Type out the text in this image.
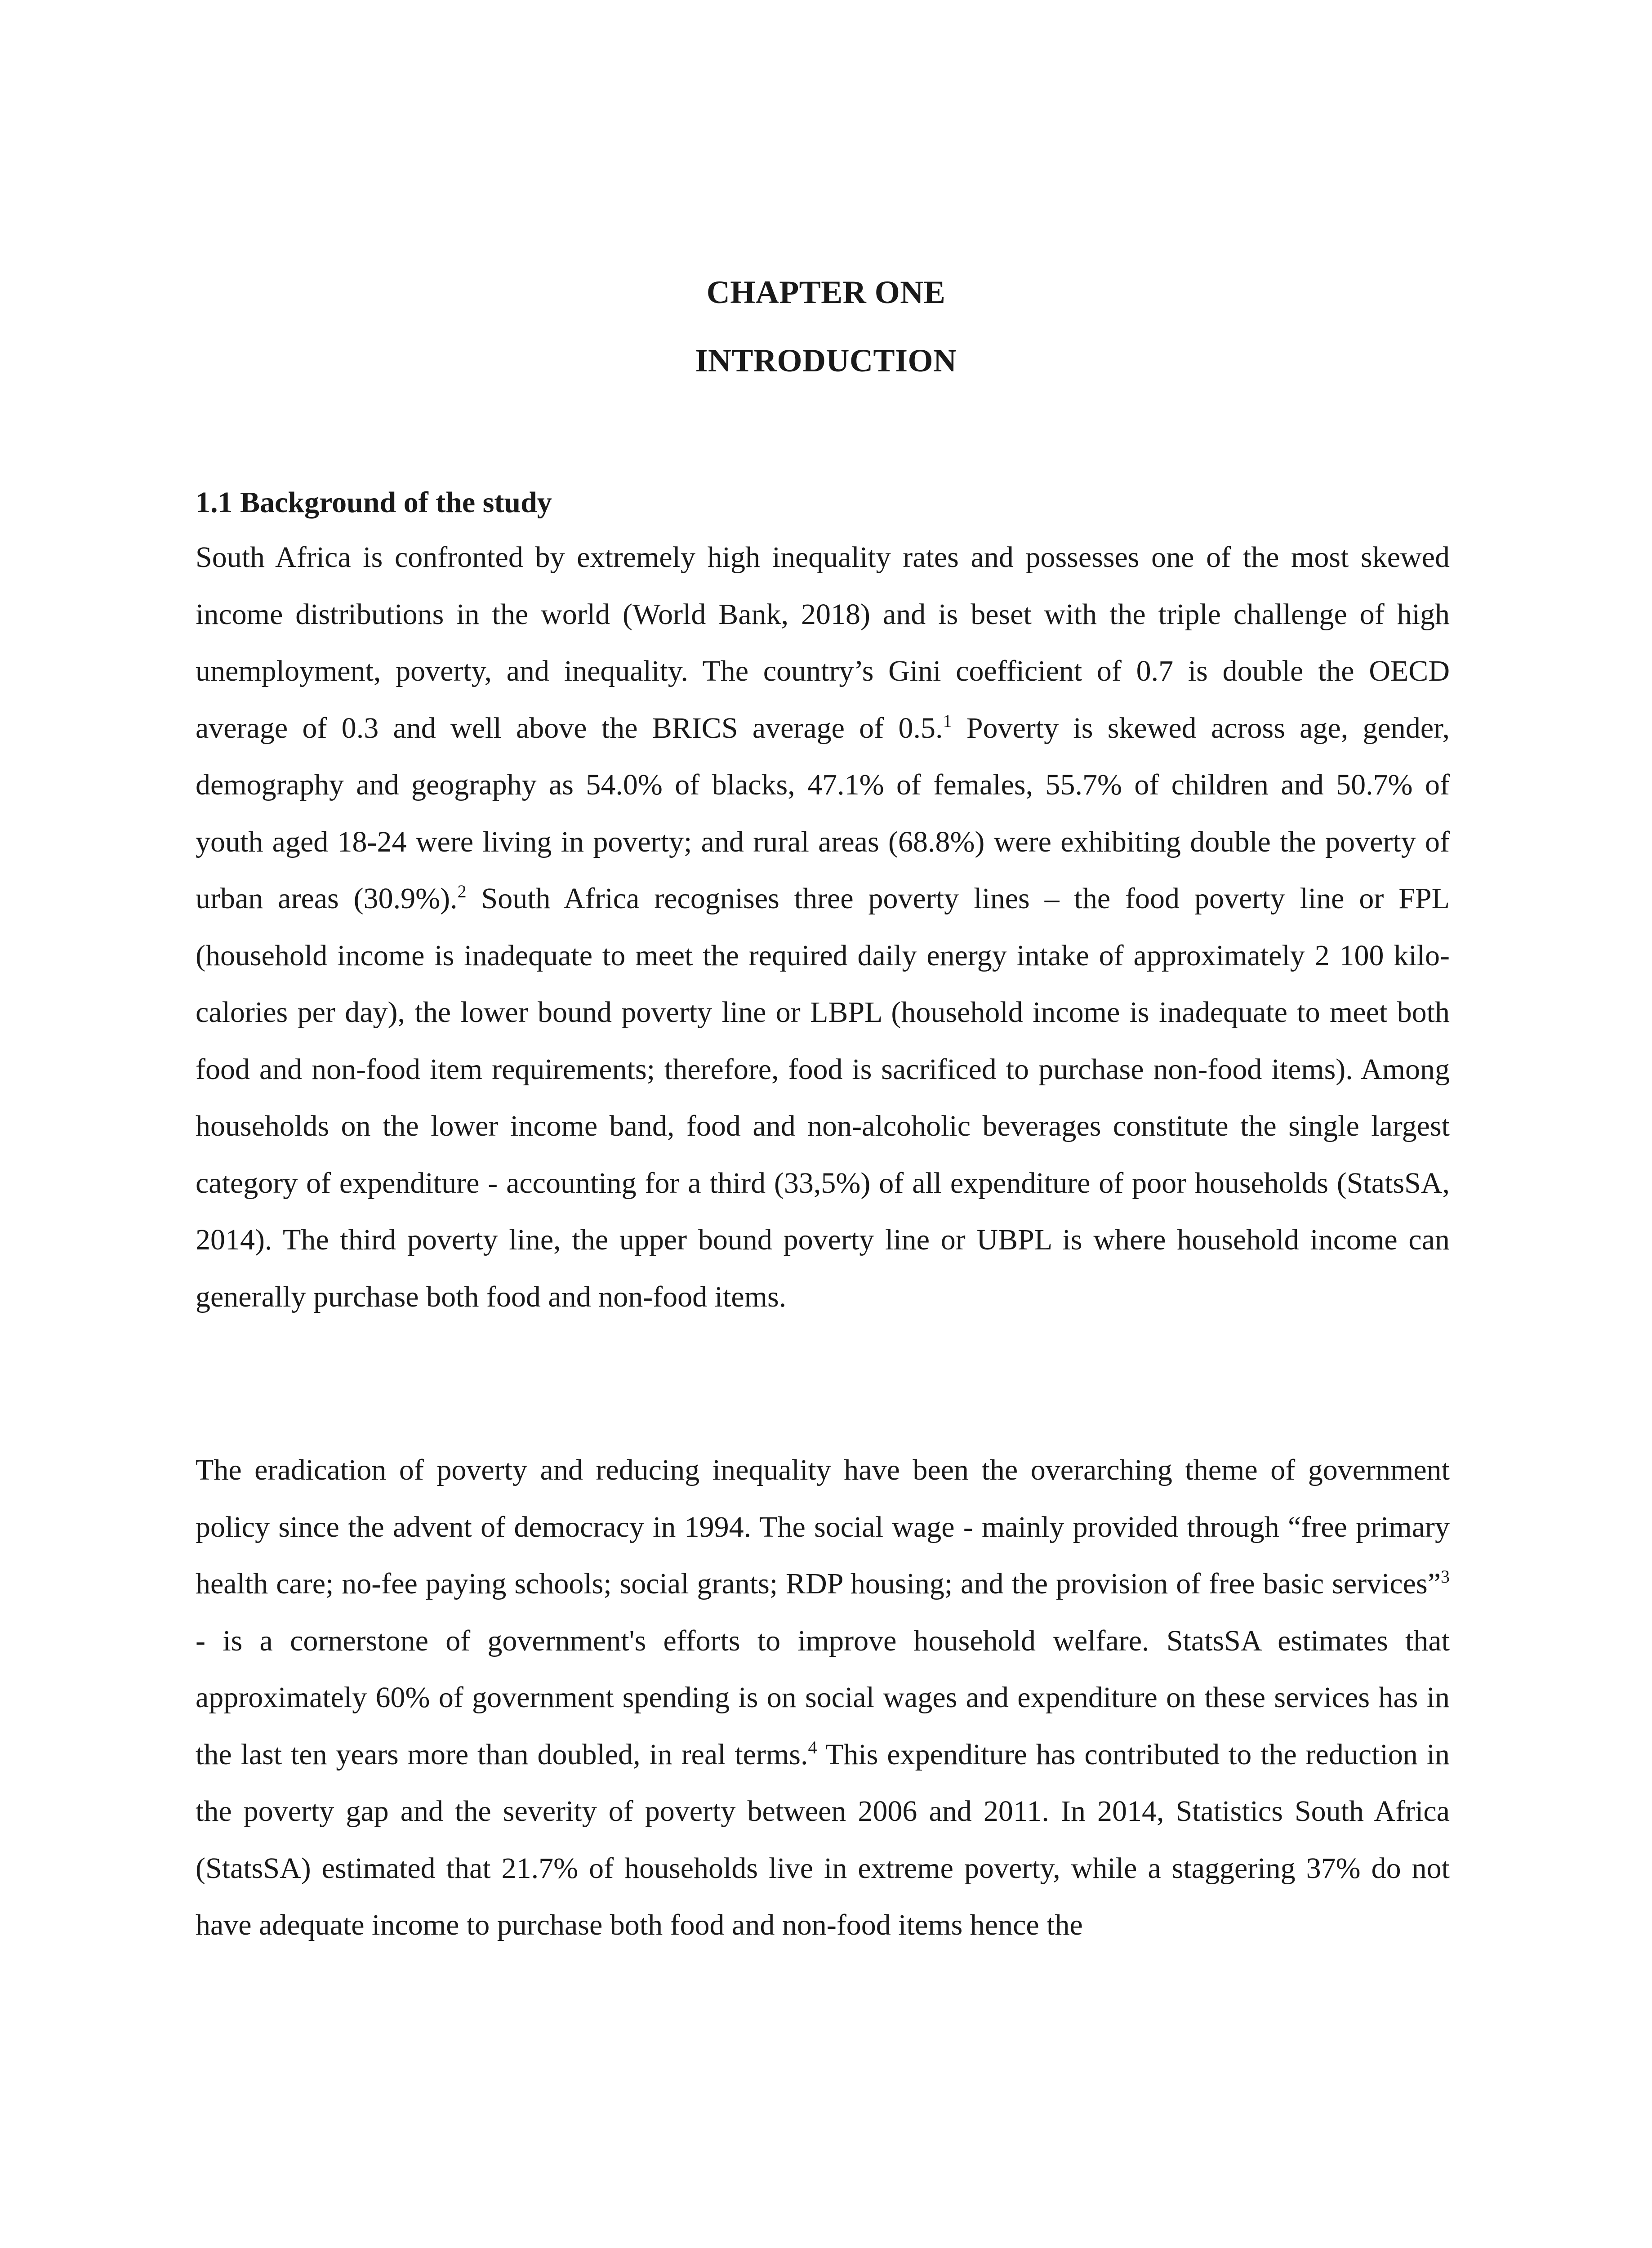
CHAPTER ONE
INTRODUCTION
1.1 Background of the study

South Africa is confronted by extremely high inequality rates and possesses one of the most skewed income distributions in the world (World Bank, 2018) and is beset with the triple challenge of high unemployment, poverty, and inequality. The country’s Gini coefficient of 0.7 is double the OECD average of 0.3 and well above the BRICS average of 0.5.$^1$ Poverty is skewed across age, gender, demography and geography as 54.0% of blacks, 47.1% of females, 55.7% of children and 50.7% of youth aged 18-24 were living in poverty; and rural areas (68.8%) were exhibiting double the poverty of urban areas (30.9%).$^2$ South Africa recognises three poverty lines – the food poverty line or FPL (household income is inadequate to meet the required daily energy intake of approximately 2 100 kilo-calories per day), the lower bound poverty line or LBPL (household income is inadequate to meet both food and non-food item requirements; therefore, food is sacrificed to purchase non-food items). Among households on the lower income band, food and non-alcoholic beverages constitute the single largest category of expenditure - accounting for a third (33,5%) of all expenditure of poor households (StatsSA, 2014). The third poverty line, the upper bound poverty line or UBPL is where household income can generally purchase both food and non-food items.

The eradication of poverty and reducing inequality have been the overarching theme of government policy since the advent of democracy in 1994. The social wage - mainly provided through “free primary health care; no-fee paying schools; social grants; RDP housing; and the provision of free basic services”$^3$ - is a cornerstone of government's efforts to improve household welfare. StatsSA estimates that approximately 60% of government spending is on social wages and expenditure on these services has in the last ten years more than doubled, in real terms.$^4$ This expenditure has contributed to the reduction in the poverty gap and the severity of poverty between 2006 and 2011. In 2014, Statistics South Africa (StatsSA) estimated that 21.7% of households live in extreme poverty, while a staggering 37% do not have adequate income to purchase both food and non-food items hence the
